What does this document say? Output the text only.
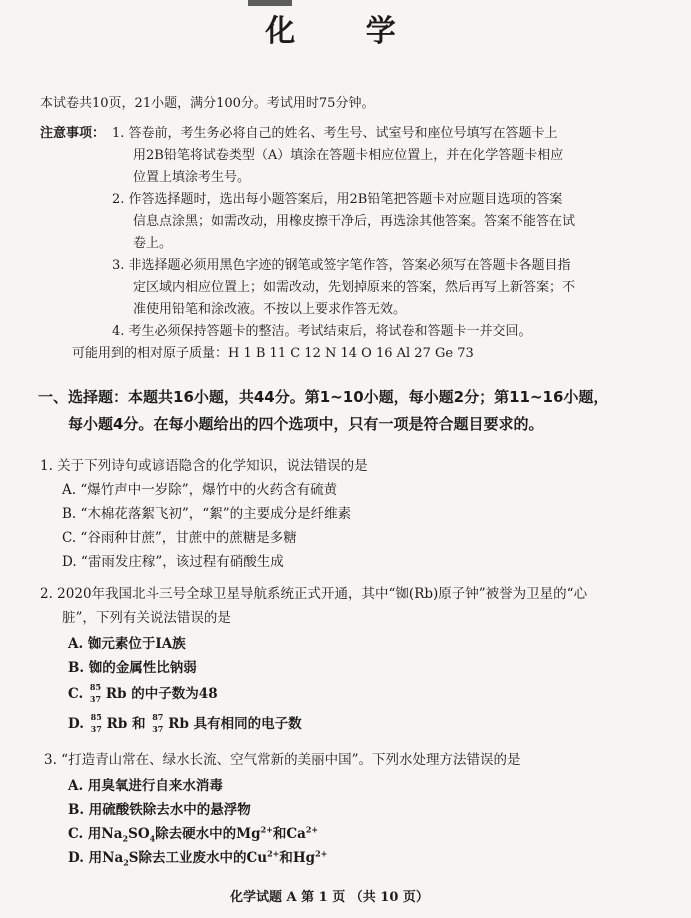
化 学
本试卷共10页，21小题，满分100分。考试用时75分钟。
注意事项： 1. 答卷前，考生务必将自己的姓名、考生号、试室号和座位号填写在答题卡上
用2B铅笔将试卷类型（A）填涂在答题卡相应位置上，并在化学答题卡相应
位置上填涂考生号。
2. 作答选择题时，选出每小题答案后，用2B铅笔把答题卡对应题目选项的答案
信息点涂黑；如需改动，用橡皮擦干净后，再选涂其他答案。答案不能答在试
卷上。
3. 非选择题必须用黑色字迹的钢笔或签字笔作答，答案必须写在答题卡各题目指
定区域内相应位置上；如需改动，先划掉原来的答案，然后再写上新答案；不
准使用铅笔和涂改液。不按以上要求作答无效。
4. 考生必须保持答题卡的整洁。考试结束后，将试卷和答题卡一并交回。
可能用到的相对原子质量：H 1 B 11 C 12 N 14 O 16 Al 27 Ge 73
一、选择题：本题共16小题，共44分。第1~10小题，每小题2分；第11~16小题，
每小题4分。在每小题给出的四个选项中，只有一项是符合题目要求的。
1. 关于下列诗句或谚语隐含的化学知识，说法错误的是
A. “爆竹声中一岁除”，爆竹中的火药含有硫黄
B. “木棉花落絮飞初”，“絮”的主要成分是纤维素
C. “谷雨种甘蔗”，甘蔗中的蔗糖是多糖
D. “雷雨发庄稼”，该过程有硝酸生成
2. 2020年我国北斗三号全球卫星导航系统正式开通，其中“铷(Rb)原子钟”被誉为卫星的“心
脏”，下列有关说法错误的是
A. 铷元素位于IA族
B. 铷的金属性比钠弱
C. 85
37 Rb 的中子数为48
D. 85
37 Rb 和 87
37 Rb 具有相同的电子数
3. “打造青山常在、绿水长流、空气常新的美丽中国”。下列水处理方法错误的是
A. 用臭氧进行自来水消毒
B. 用硫酸铁除去水中的悬浮物
C. 用$Na_2SO_4$除去硬水中的$Mg^{2+}$和$Ca^{2+}$
D. 用$Na_2S$除去工业废水中的$Cu^{2+}$和$Hg^{2+}$
化学试题 A 第 1 页 （共 10 页）
